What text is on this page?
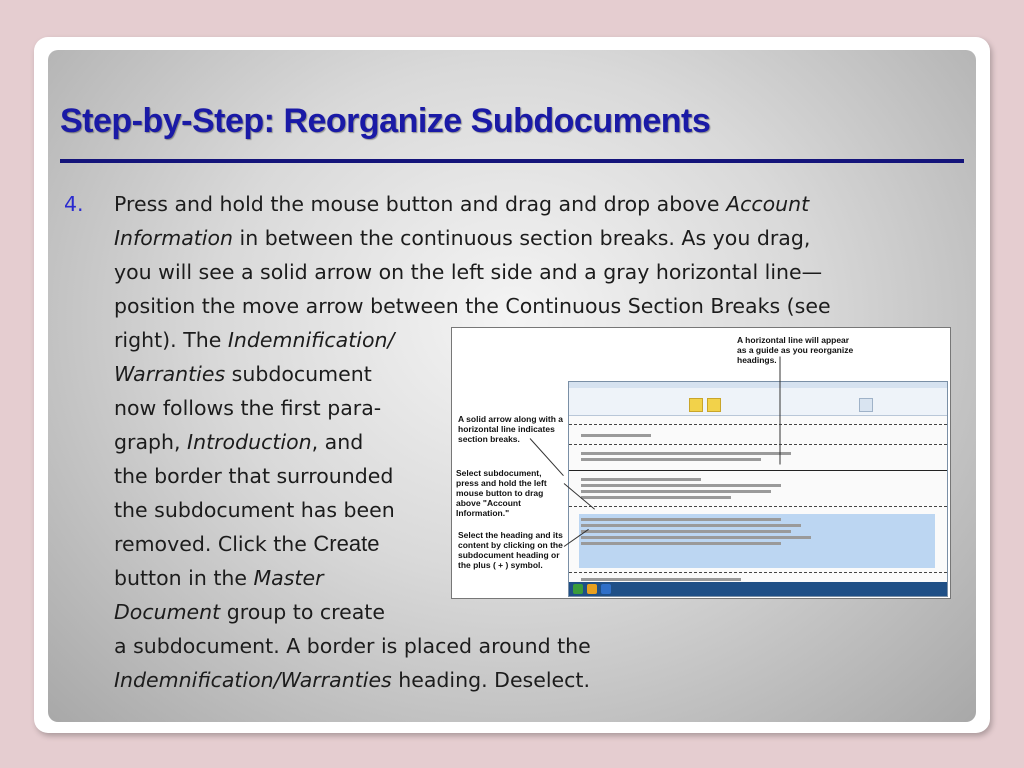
Step-by-Step: Reorganize Subdocuments
4. Press and hold the mouse button and drag and drop above Account
Information in between the continuous section breaks. As you drag,
you will see a solid arrow on the left side and a gray horizontal line—
position the move arrow between the Continuous Section Breaks (see
right). The Indemnification/
Warranties subdocument
now follows the first para-
graph, Introduction, and
the border that surrounded
the subdocument has been
removed. Click the Create
button in the Master
Document group to create
a subdocument. A border is placed around the
Indemnification/Warranties heading. Deselect.
A horizontal line will appear as a guide as you reorganize headings.
A solid arrow along with a horizontal line indicates section breaks.
Select subdocument, press and hold the left mouse button to drag above "Account Information."
Select the heading and its content by clicking on the subdocument heading or the plus ( + ) symbol.
